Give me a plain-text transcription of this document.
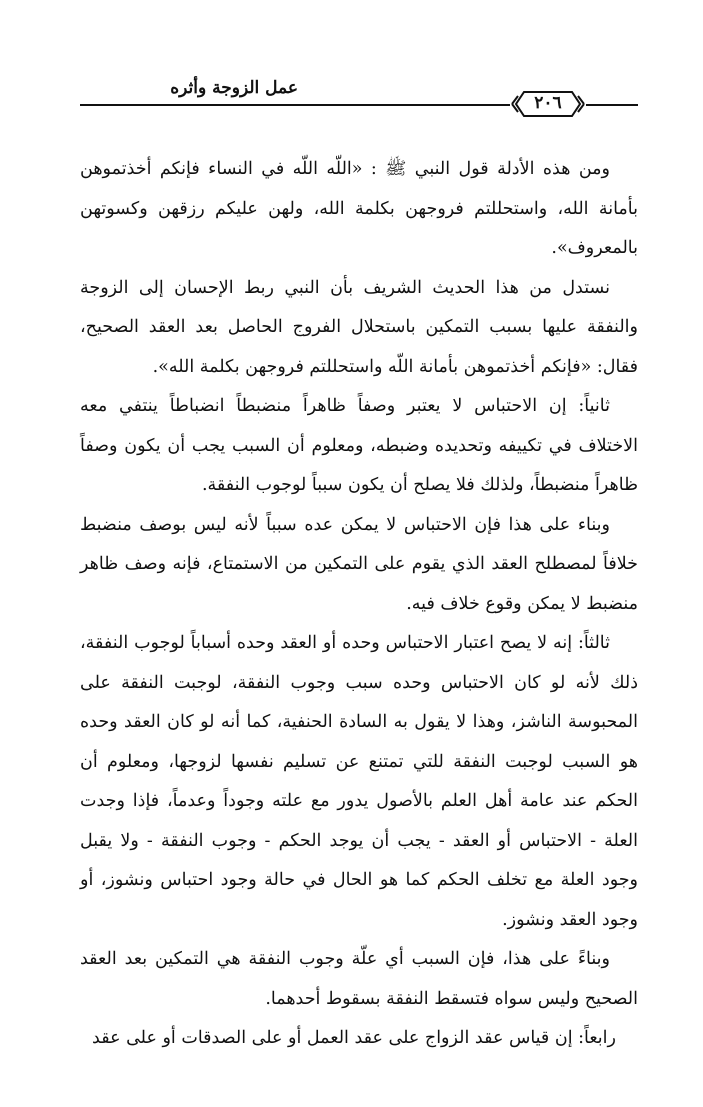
عمل الزوجة وأثره
٢٠٦

ومن هذه الأدلة قول النبي ﷺ : «اللّه اللّه في النساء فإنكم أخذتموهن بأمانة الله، واستحللتم فروجهن بكلمة الله، ولهن عليكم رزقهن وكسوتهن بالمعروف».

نستدل من هذا الحديث الشريف بأن النبي ربط الإحسان إلى الزوجة والنفقة عليها بسبب التمكين باستحلال الفروج الحاصل بعد العقد الصحيح، فقال: «فإنكم أخذتموهن بأمانة اللّه واستحللتم فروجهن بكلمة الله».

ثانياً: إن الاحتباس لا يعتبر وصفاً ظاهراً منضبطاً انضباطاً ينتفي معه الاختلاف في تكييفه وتحديده وضبطه، ومعلوم أن السبب يجب أن يكون وصفاً ظاهراً منضبطاً، ولذلك فلا يصلح أن يكون سبباً لوجوب النفقة.

وبناء على هذا فإن الاحتباس لا يمكن عده سبباً لأنه ليس بوصف منضبط خلافاً لمصطلح العقد الذي يقوم على التمكين من الاستمتاع، فإنه وصف ظاهر منضبط لا يمكن وقوع خلاف فيه.

ثالثاً: إنه لا يصح اعتبار الاحتباس وحده أو العقد وحده أسباباً لوجوب النفقة، ذلك لأنه لو كان الاحتباس وحده سبب وجوب النفقة، لوجبت النفقة على المحبوسة الناشز، وهذا لا يقول به السادة الحنفية، كما أنه لو كان العقد وحده هو السبب لوجبت النفقة للتي تمتنع عن تسليم نفسها لزوجها، ومعلوم أن الحكم عند عامة أهل العلم بالأصول يدور مع علته وجوداً وعدماً، فإذا وجدت العلة - الاحتباس أو العقد - يجب أن يوجد الحكم - وجوب النفقة - ولا يقبل وجود العلة مع تخلف الحكم كما هو الحال في حالة وجود احتباس ونشوز، أو وجود العقد ونشوز.

وبناءً على هذا، فإن السبب أي علّة وجوب النفقة هي التمكين بعد العقد الصحيح وليس سواه فتسقط النفقة بسقوط أحدهما.

رابعاً: إن قياس عقد الزواج على عقد العمل أو على الصدقات أو على عقد
